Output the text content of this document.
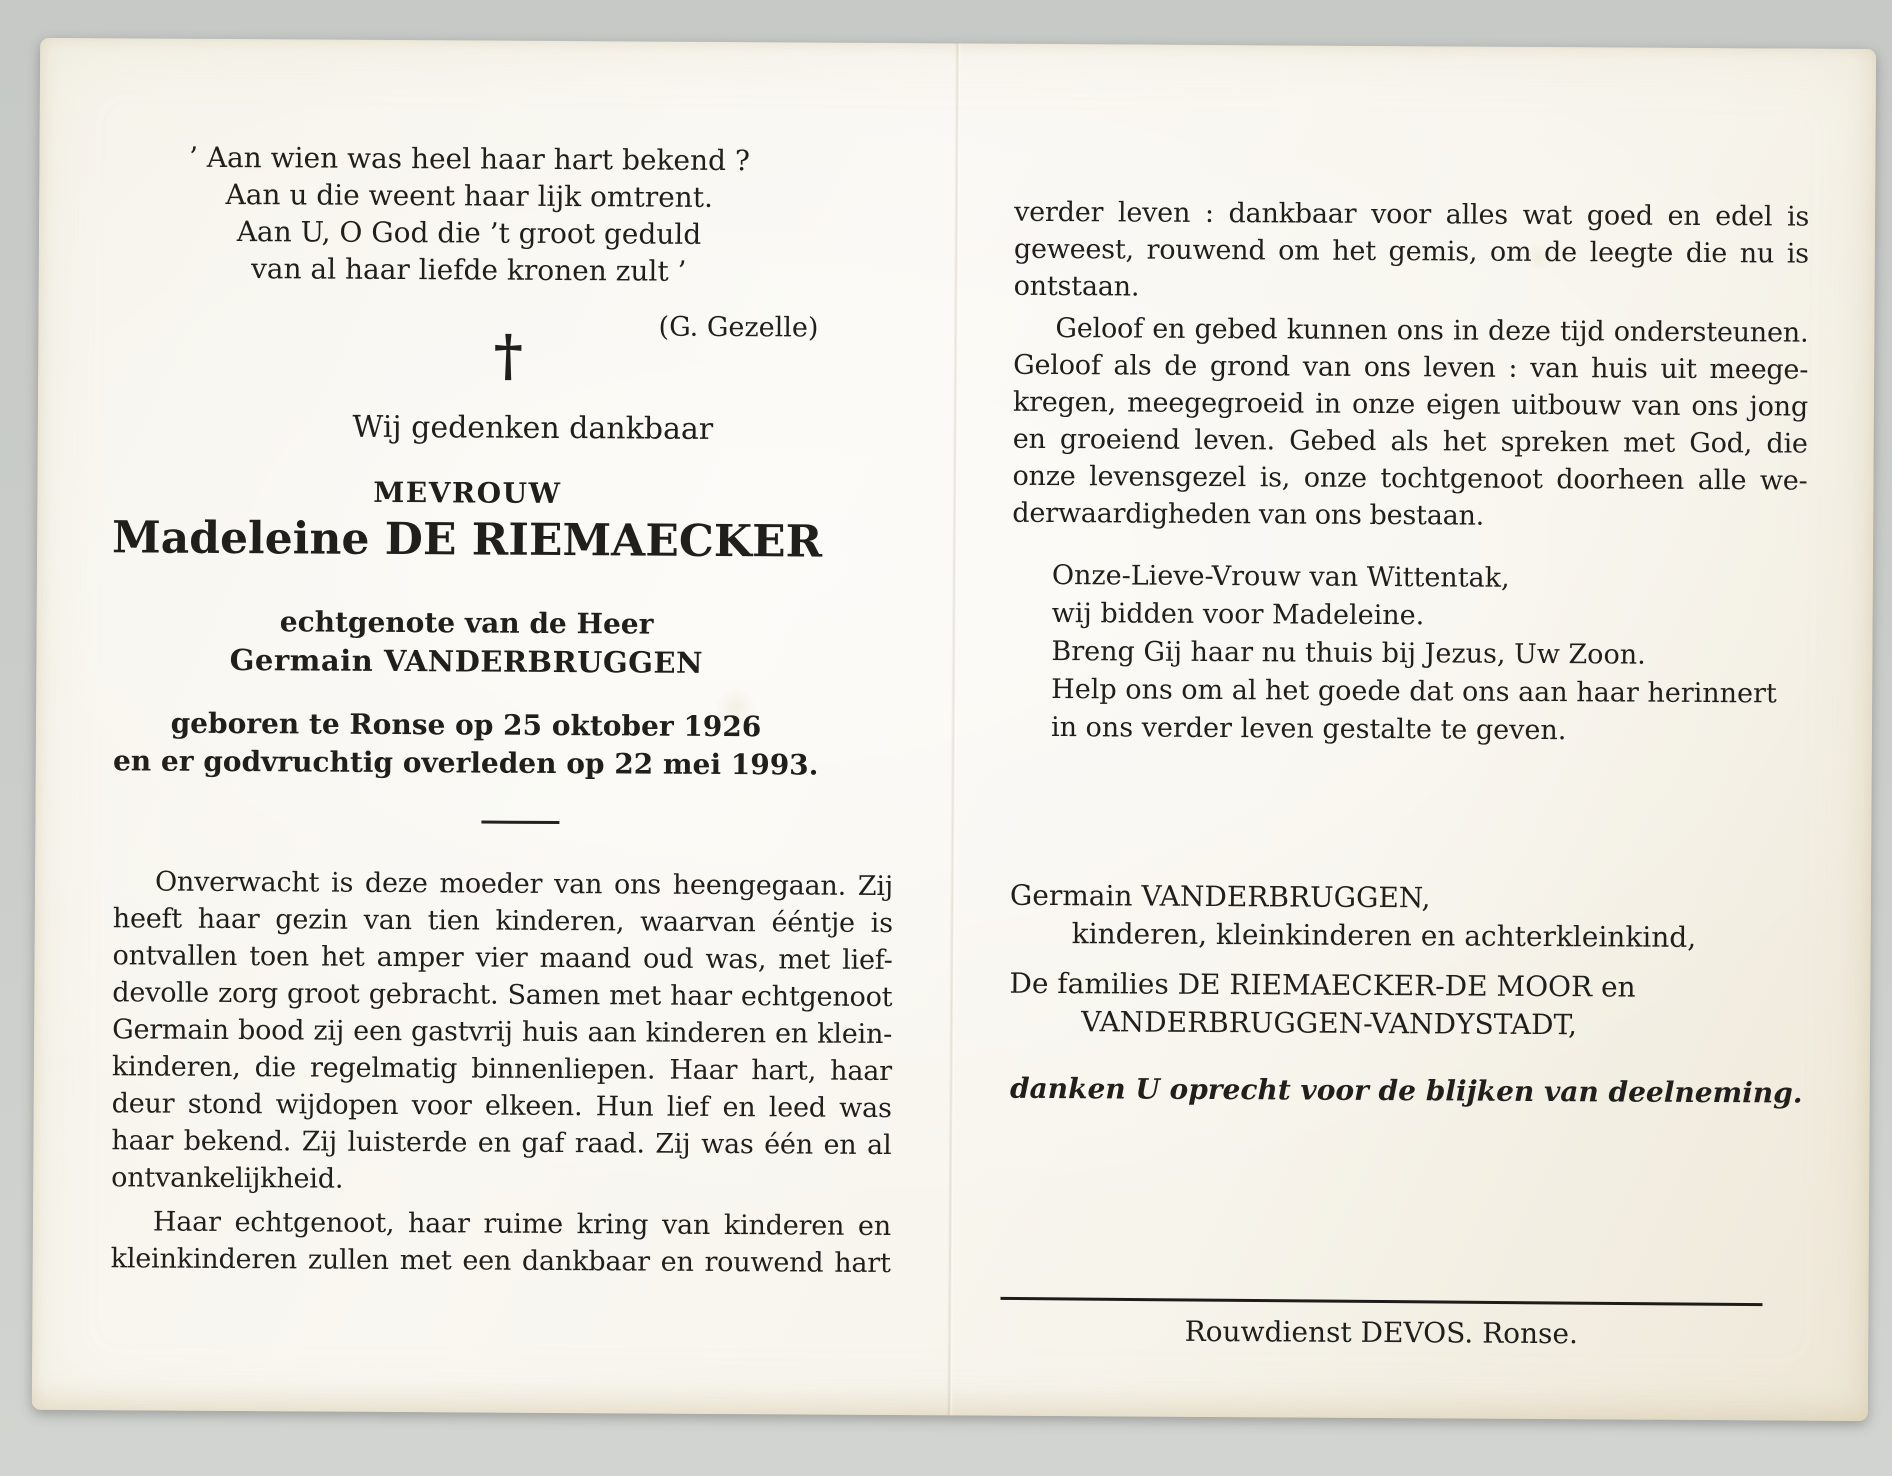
’ Aan wien was heel haar hart bekend ?
Aan u die weent haar lijk omtrent.
Aan U, O God die ’t groot geduld
van al haar liefde kronen zult ’
(G. Gezelle)
†
Wij gedenken dankbaar
MEVROUW
Madeleine DE RIEMAECKER
echtgenote van de Heer
Germain VANDERBRUGGEN
geboren te Ronse op 25 oktober 1926
en er godvruchtig overleden op 22 mei 1993.
Onverwacht is deze moeder van ons heengegaan. Zij
heeft haar gezin van tien kinderen, waarvan ééntje is
ontvallen toen het amper vier maand oud was, met lief-
devolle zorg groot gebracht. Samen met haar echtgenoot
Germain bood zij een gastvrij huis aan kinderen en klein-
kinderen, die regelmatig binnenliepen. Haar hart, haar
deur stond wijdopen voor elkeen. Hun lief en leed was
haar bekend. Zij luisterde en gaf raad. Zij was één en al
ontvankelijkheid.
Haar echtgenoot, haar ruime kring van kinderen en
kleinkinderen zullen met een dankbaar en rouwend hart
verder leven : dankbaar voor alles wat goed en edel is
geweest, rouwend om het gemis, om de leegte die nu is
ontstaan.
Geloof en gebed kunnen ons in deze tijd ondersteunen.
Geloof als de grond van ons leven : van huis uit meege-
kregen, meegegroeid in onze eigen uitbouw van ons jong
en groeiend leven. Gebed als het spreken met God, die
onze levensgezel is, onze tochtgenoot doorheen alle we-
derwaardigheden van ons bestaan.
Onze-Lieve-Vrouw van Wittentak,
wij bidden voor Madeleine.
Breng Gij haar nu thuis bij Jezus, Uw Zoon.
Help ons om al het goede dat ons aan haar herinnert
in ons verder leven gestalte te geven.
Germain VANDERBRUGGEN,
kinderen, kleinkinderen en achterkleinkind,
De families DE RIEMAECKER-DE MOOR en
VANDERBRUGGEN-VANDYSTADT,
danken U oprecht voor de blijken van deelneming.
Rouwdienst DEVOS. Ronse.
